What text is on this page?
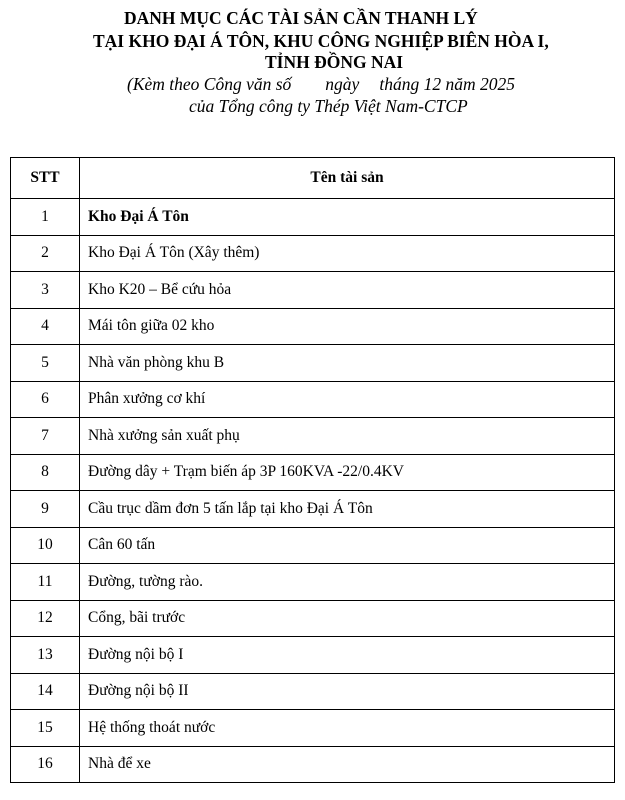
DANH MỤC CÁC TÀI SẢN CẦN THANH LÝ
TẠI KHO ĐẠI Á TÔN, KHU CÔNG NGHIỆP BIÊN HÒA I,
TỈNH ĐỒNG NAI
(Kèm theo Công văn số ngày tháng 12 năm 2025
của Tổng công ty Thép Việt Nam-CTCP
STT	Tên tài sản
1	Kho Đại Á Tôn
2	Kho Đại Á Tôn (Xây thêm)
3	Kho K20 – Bể cứu hỏa
4	Mái tôn giữa 02 kho
5	Nhà văn phòng khu B
6	Phân xưởng cơ khí
7	Nhà xưởng sản xuất phụ
8	Đường dây + Trạm biến áp 3P 160KVA -22/0.4KV
9	Cầu trục dầm đơn 5 tấn lắp tại kho Đại Á Tôn
10	Cân 60 tấn
11	Đường, tường rào.
12	Cổng, bãi trước
13	Đường nội bộ I
14	Đường nội bộ II
15	Hệ thống thoát nước
16	Nhà để xe
